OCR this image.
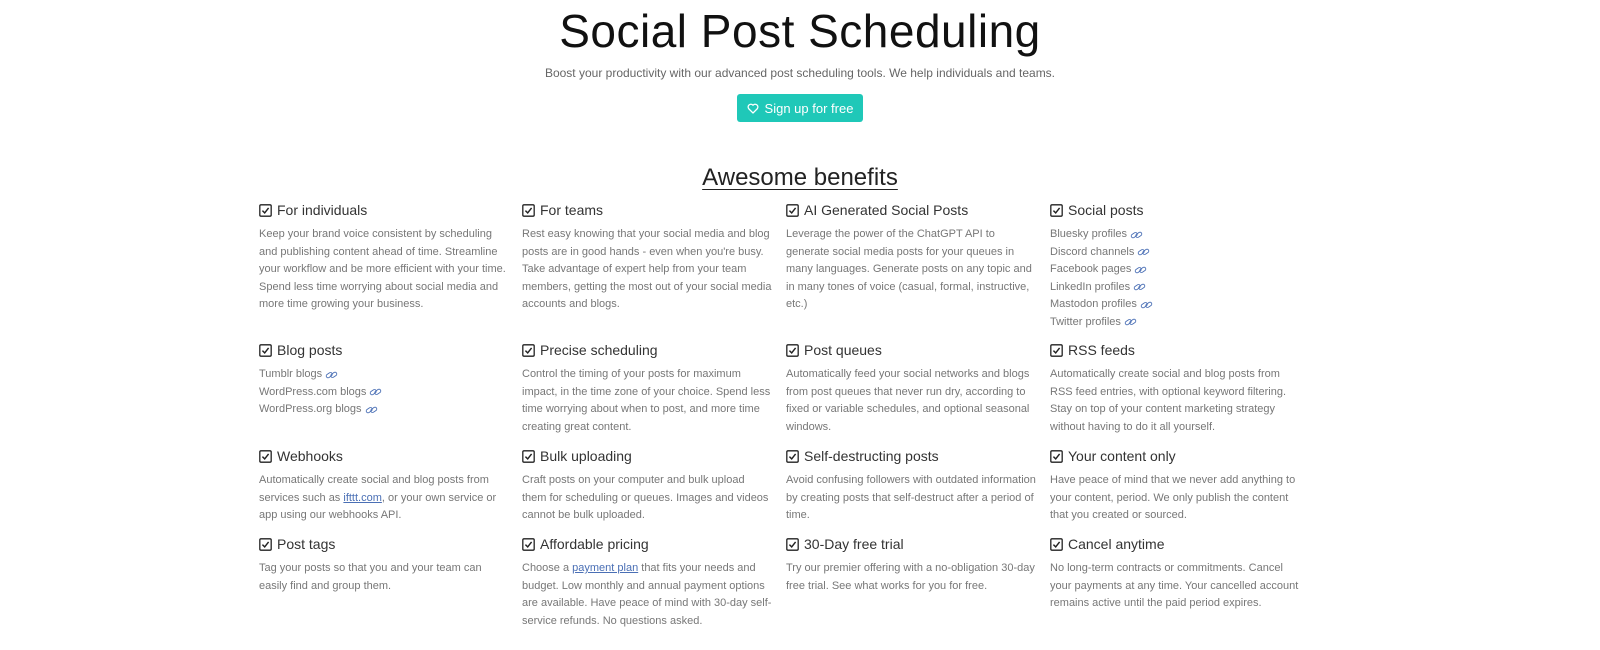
Social Post Scheduling

Boost your productivity with our advanced post scheduling tools. We help individuals and teams.

Sign up for free
Awesome benefits
For individuals

Keep your brand voice consistent by scheduling and publishing content ahead of time. Streamline your workflow and be more efficient with your time. Spend less time worrying about social media and more time growing your business.

For teams

Rest easy knowing that your social media and blog posts are in good hands - even when you're busy. Take advantage of expert help from your team members, getting the most out of your social media accounts and blogs.

AI Generated Social Posts

Leverage the power of the ChatGPT API to generate social media posts for your queues in many languages. Generate posts on any topic and in many tones of voice (casual, formal, instructive, etc.)

Social posts
Bluesky profiles
Discord channels
Facebook pages
LinkedIn profiles
Mastodon profiles
Twitter profiles
Blog posts
Tumblr blogs
WordPress.com blogs
WordPress.org blogs
Precise scheduling

Control the timing of your posts for maximum impact, in the time zone of your choice. Spend less time worrying about when to post, and more time creating great content.

Post queues

Automatically feed your social networks and blogs from post queues that never run dry, according to fixed or variable schedules, and optional seasonal windows.

RSS feeds

Automatically create social and blog posts from RSS feed entries, with optional keyword filtering. Stay on top of your content marketing strategy without having to do it all yourself.

Webhooks

Automatically create social and blog posts from services such as ifttt.com, or your own service or app using our webhooks API.

Bulk uploading

Craft posts on your computer and bulk upload them for scheduling or queues. Images and videos cannot be bulk uploaded.

Self-destructing posts

Avoid confusing followers with outdated information by creating posts that self-destruct after a period of time.

Your content only

Have peace of mind that we never add anything to your content, period. We only publish the content that you created or sourced.

Post tags

Tag your posts so that you and your team can easily find and group them.

Affordable pricing

Choose a payment plan that fits your needs and budget. Low monthly and annual payment options are available. Have peace of mind with 30-day self-service refunds. No questions asked.

30-Day free trial

Try our premier offering with a no-obligation 30-day free trial. See what works for you for free.

Cancel anytime

No long-term contracts or commitments. Cancel your payments at any time. Your cancelled account remains active until the paid period expires.
